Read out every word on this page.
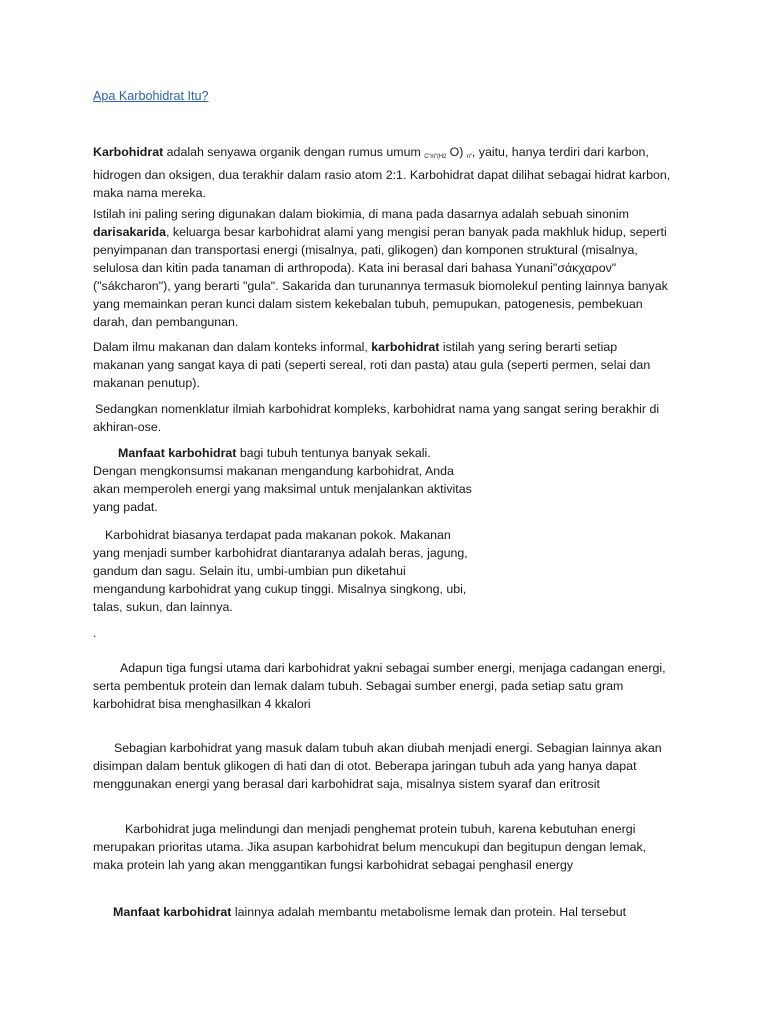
Apa Karbohidrat Itu?

Karbohidrat adalah senyawa organik dengan rumus umum $_{C"m"(H2}$ O) $_{n"}$, yaitu, hanya terdiri dari karbon, hidrogen dan oksigen, dua terakhir dalam rasio atom 2:1. Karbohidrat dapat dilihat sebagai hidrat karbon, maka nama mereka.

Istilah ini paling sering digunakan dalam biokimia, di mana pada dasarnya adalah sebuah sinonim darisakarida, keluarga besar karbohidrat alami yang mengisi peran banyak pada makhluk hidup, seperti penyimpanan dan transportasi energi (misalnya, pati, glikogen) dan komponen struktural (misalnya, selulosa dan kitin pada tanaman di arthropoda). Kata ini berasal dari bahasa Yunani"σάκχαρον"("sákcharon"), yang berarti "gula". Sakarida dan turunannya termasuk biomolekul penting lainnya banyak yang memainkan peran kunci dalam sistem kekebalan tubuh, pemupukan, patogenesis, pembekuan darah, dan pembangunan.

Dalam ilmu makanan dan dalam konteks informal, karbohidrat istilah yang sering berarti setiap makanan yang sangat kaya di pati (seperti sereal, roti dan pasta) atau gula (seperti permen, selai dan makanan penutup).

Sedangkan nomenklatur ilmiah karbohidrat kompleks, karbohidrat nama yang sangat sering berakhir di akhiran-ose.

Manfaat karbohidrat bagi tubuh tentunya banyak sekali. Dengan mengkonsumsi makanan mengandung karbohidrat, Anda akan memperoleh energi yang maksimal untuk menjalankan aktivitas yang padat.

Karbohidrat biasanya terdapat pada makanan pokok. Makanan yang menjadi sumber karbohidrat diantaranya adalah beras, jagung, gandum dan sagu. Selain itu, umbi-umbian pun diketahui mengandung karbohidrat yang cukup tinggi. Misalnya singkong, ubi, talas, sukun, dan lainnya.

.

Adapun tiga fungsi utama dari karbohidrat yakni sebagai sumber energi, menjaga cadangan energi, serta pembentuk protein dan lemak dalam tubuh. Sebagai sumber energi, pada setiap satu gram karbohidrat bisa menghasilkan 4 kkalori

Sebagian karbohidrat yang masuk dalam tubuh akan diubah menjadi energi. Sebagian lainnya akan disimpan dalam bentuk glikogen di hati dan di otot. Beberapa jaringan tubuh ada yang hanya dapat menggunakan energi yang berasal dari karbohidrat saja, misalnya sistem syaraf dan eritrosit

Karbohidrat juga melindungi dan menjadi penghemat protein tubuh, karena kebutuhan energi merupakan prioritas utama. Jika asupan karbohidrat belum mencukupi dan begitupun dengan lemak, maka protein lah yang akan menggantikan fungsi karbohidrat sebagai penghasil energy

Manfaat karbohidrat lainnya adalah membantu metabolisme lemak dan protein. Hal tersebut
